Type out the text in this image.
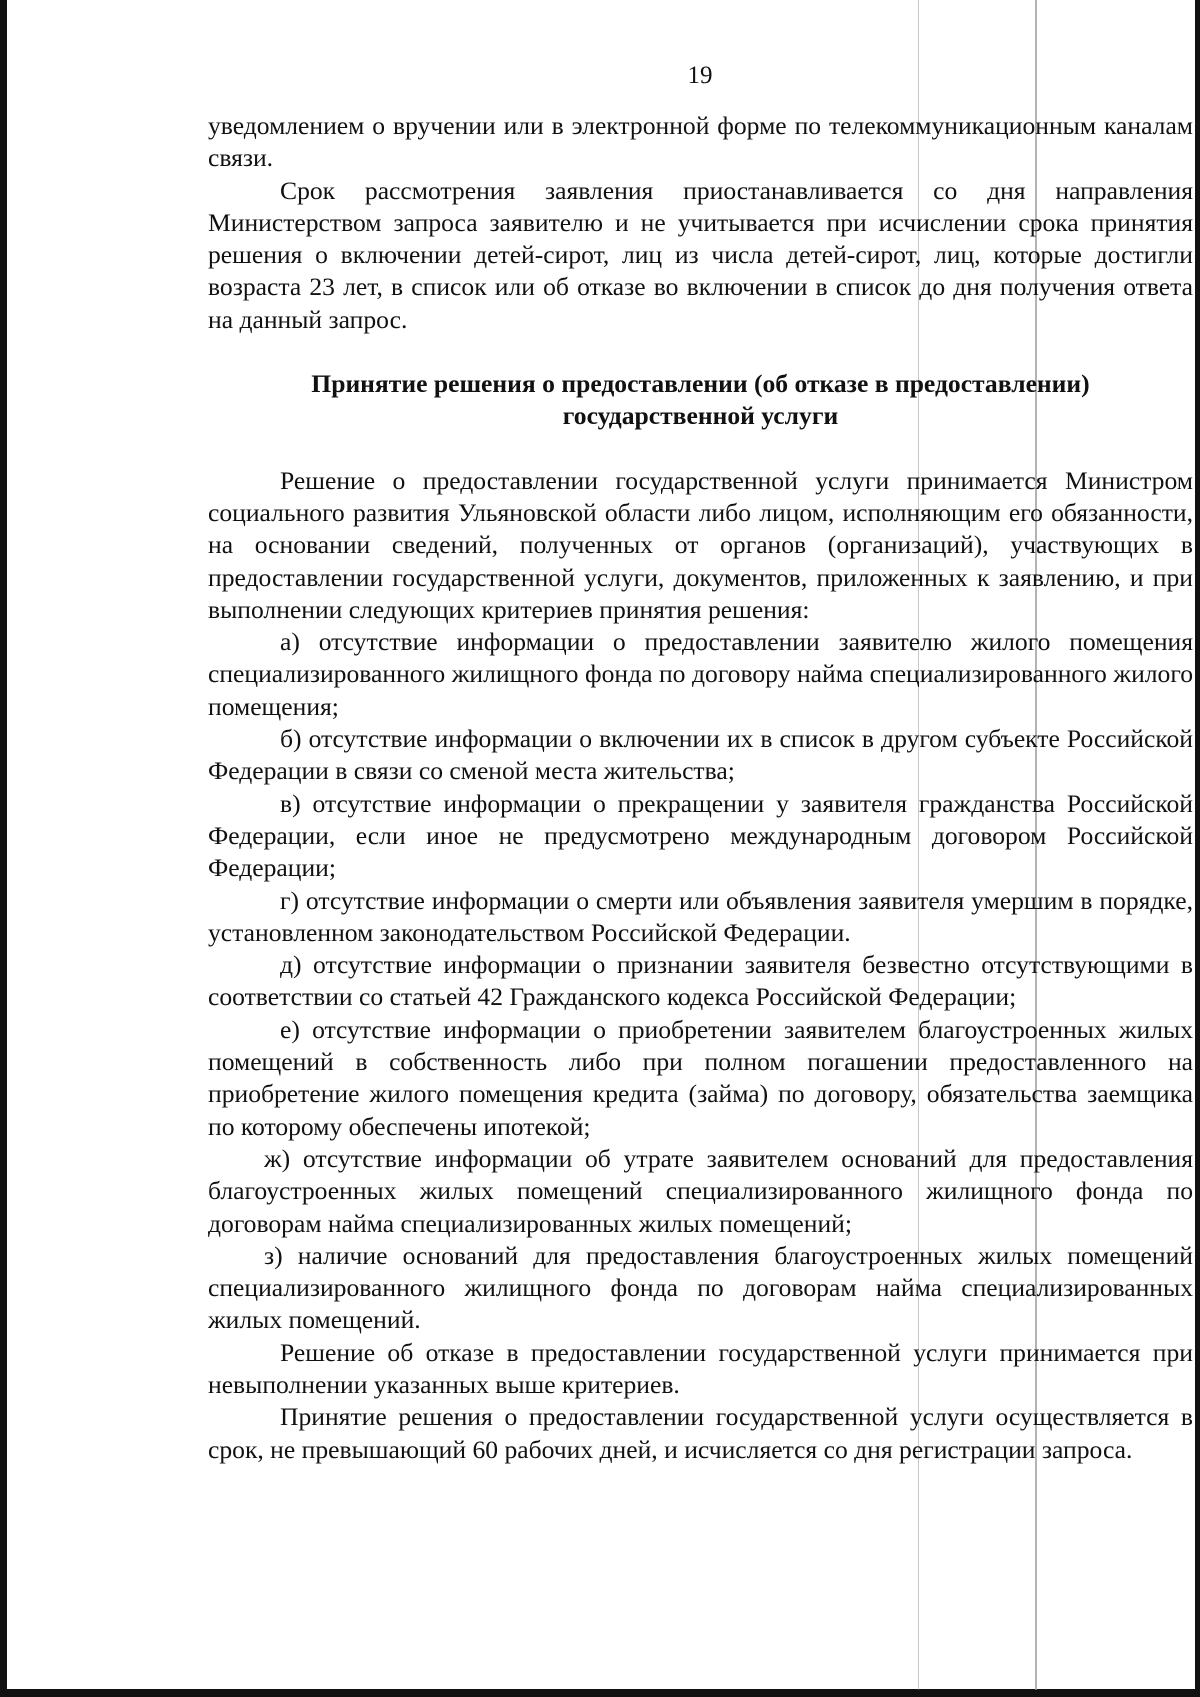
19

уведомлением о вручении или в электронной форме по телекоммуникационным каналам связи.

Срок рассмотрения заявления приостанавливается со дня направления Министерством запроса заявителю и не учитывается при исчислении срока принятия решения о включении детей-сирот, лиц из числа детей-сирот, лиц, которые достигли возраста 23 лет, в список или об отказе во включении в список до дня получения ответа на данный запрос.

Принятие решения о предоставлении (об отказе в предоставлении)
государственной услуги

Решение о предоставлении государственной услуги принимается Министром социального развития Ульяновской области либо лицом, исполняющим его обязанности, на основании сведений, полученных от органов (организаций), участвующих в предоставлении государственной услуги, документов, приложенных к заявлению, и при выполнении следующих критериев принятия решения:

а) отсутствие информации о предоставлении заявителю жилого помещения специализированного жилищного фонда по договору найма специализированного жилого помещения;

б) отсутствие информации о включении их в список в другом субъекте Российской Федерации в связи со сменой места жительства;

в) отсутствие информации о прекращении у заявителя гражданства Российской Федерации, если иное не предусмотрено международным договором Российской Федерации;

г) отсутствие информации о смерти или объявления заявителя умершим в порядке, установленном законодательством Российской Федерации.

д) отсутствие информации о признании заявителя безвестно отсутствующими в соответствии со статьей 42 Гражданского кодекса Российской Федерации;

е) отсутствие информации о приобретении заявителем благоустроенных жилых помещений в собственность либо при полном погашении предоставленного на приобретение жилого помещения кредита (займа) по договору, обязательства заемщика по которому обеспечены ипотекой;

ж) отсутствие информации об утрате заявителем оснований для предоставления благоустроенных жилых помещений специализированного жилищного фонда по договорам найма специализированных жилых помещений;

з) наличие оснований для предоставления благоустроенных жилых помещений специализированного жилищного фонда по договорам найма специализированных жилых помещений.

Решение об отказе в предоставлении государственной услуги принимается при невыполнении указанных выше критериев.

Принятие решения о предоставлении государственной услуги осуществляется в срок, не превышающий 60 рабочих дней, и исчисляется со дня регистрации запроса.
